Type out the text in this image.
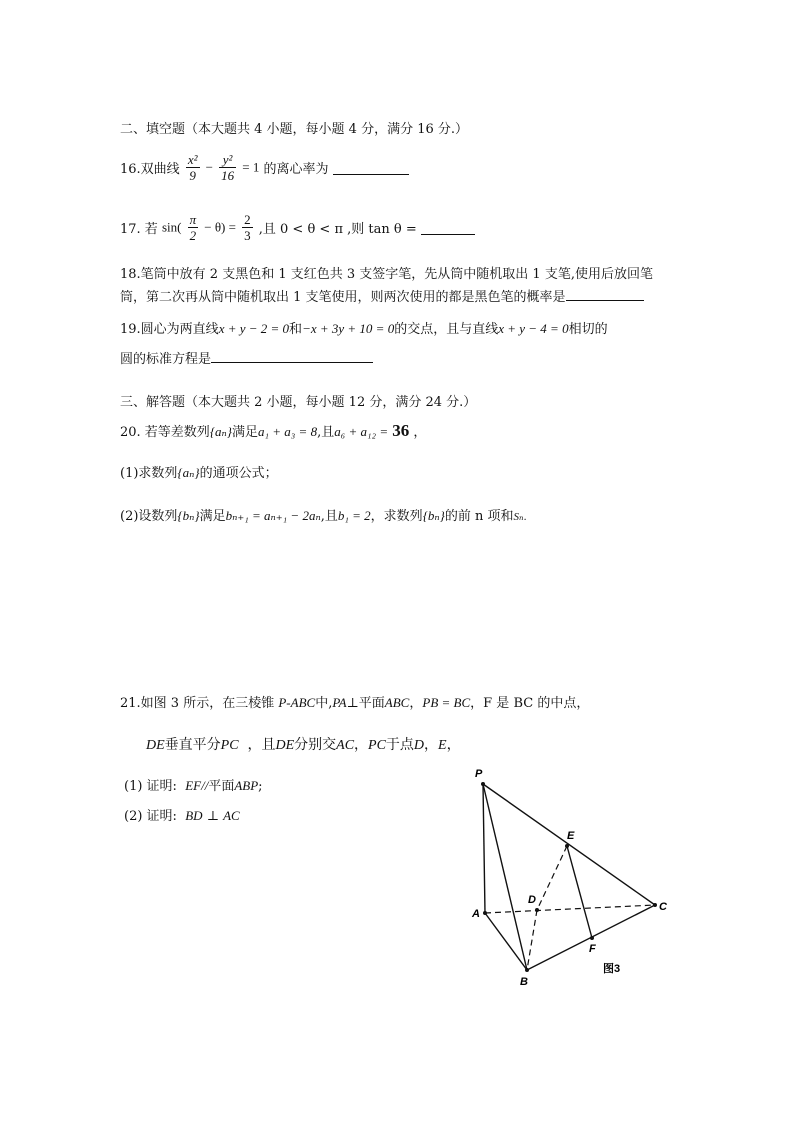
二、填空题（本大题共 4 小题，每小题 4 分，满分 16 分.）
16.双曲线 $\frac{\text{x²}}{9} - \frac{\text{y²}}{16} = 1$ 的离心率为
17. 若 $\sin( \frac{\pi}{2} - \theta) = \frac{2}{3}$ ,且 0 < θ < π ,则 tan θ =
18.笔筒中放有 2 支黑色和 1 支红色共 3 支签字笔，先从筒中随机取出 1 支笔,使用后放回笔
筒，第二次再从筒中随机取出 1 支笔使用，则两次使用的都是黑色笔的概率是
19.圆心为两直线x + y − 2 = 0和−x + 3y + 10 = 0的交点，且与直线x + y − 4 = 0相切的
圆的标准方程是
三、解答题（本大题共 2 小题，每小题 12 分，满分 24 分.）
20. 若等差数列{aₙ}满足a₁ + a₃ = 8,且a₆ + a₁₂ = 36 ，
(1)求数列{aₙ}的通项公式；
(2)设数列{bₙ}满足bₙ₊₁ = aₙ₊₁ − 2aₙ,且b₁ = 2，求数列{bₙ}的前 n 项和Sₙ.
21.如图 3 所示，在三棱锥 P-ABC中,PA⊥平面ABC，PB = BC，F 是 BC 的中点，
DE垂直平分PC ，且DE分别交AC，PC于点D，E，
(1) 证明: EF//平面ABP;
(2) 证明: BD ⊥ AC
P
A
B
C
D
E
F
图3
